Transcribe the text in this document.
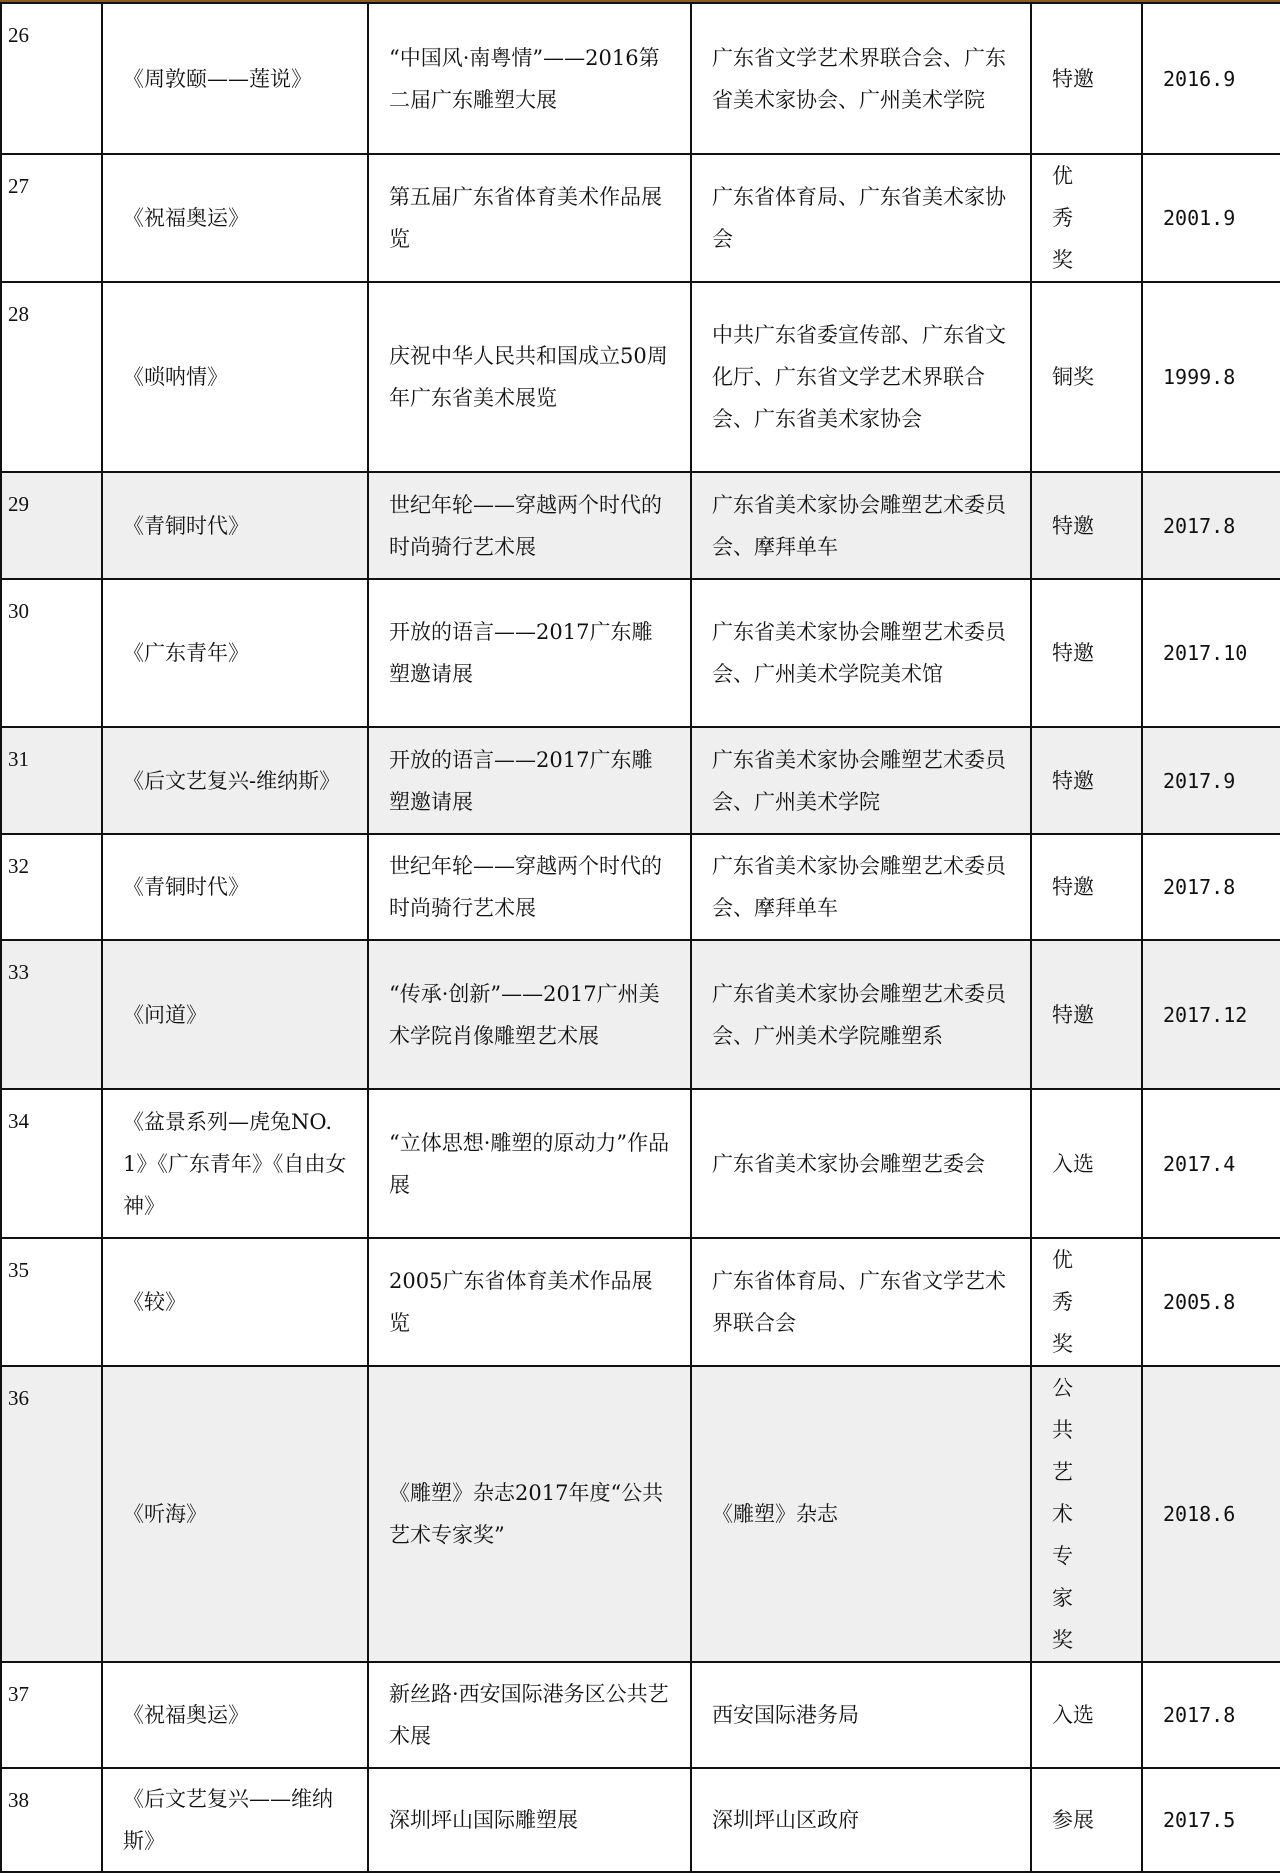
26	《周敦颐——莲说》	“中国风·南粤情”——2016第二届广东雕塑大展	广东省文学艺术界联合会、广东省美术家协会、广州美术学院	特邀	2016.9
27	《祝福奥运》	第五届广东省体育美术作品展览	广东省体育局、广东省美术家协会	优秀奖	2001.9
28	《唢呐情》	庆祝中华人民共和国成立50周年广东省美术展览	中共广东省委宣传部、广东省文化厅、广东省文学艺术界联合会、广东省美术家协会	铜奖	1999.8
29	《青铜时代》	世纪年轮——穿越两个时代的时尚骑行艺术展	广东省美术家协会雕塑艺术委员会、摩拜单车	特邀	2017.8
30	《广东青年》	开放的语言——2017广东雕塑邀请展	广东省美术家协会雕塑艺术委员会、广州美术学院美术馆	特邀	2017.10
31	《后文艺复兴-维纳斯》	开放的语言——2017广东雕塑邀请展	广东省美术家协会雕塑艺术委员会、广州美术学院	特邀	2017.9
32	《青铜时代》	世纪年轮——穿越两个时代的时尚骑行艺术展	广东省美术家协会雕塑艺术委员会、摩拜单车	特邀	2017.8
33	《问道》	“传承·创新”——2017广州美术学院肖像雕塑艺术展	广东省美术家协会雕塑艺术委员会、广州美术学院雕塑系	特邀	2017.12
34	《盆景系列—虎兔NO.1》《广东青年》《自由女神》	“立体思想·雕塑的原动力”作品展	广东省美术家协会雕塑艺委会	入选	2017.4
35	《较》	2005广东省体育美术作品展览	广东省体育局、广东省文学艺术界联合会	优秀奖	2005.8
36	《听海》	《雕塑》杂志2017年度“公共艺术专家奖”	《雕塑》杂志	公共艺术专家奖	2018.6
37	《祝福奥运》	新丝路·西安国际港务区公共艺术展	西安国际港务局	入选	2017.8
38	《后文艺复兴——维纳斯》	深圳坪山国际雕塑展	深圳坪山区政府	参展	2017.5
